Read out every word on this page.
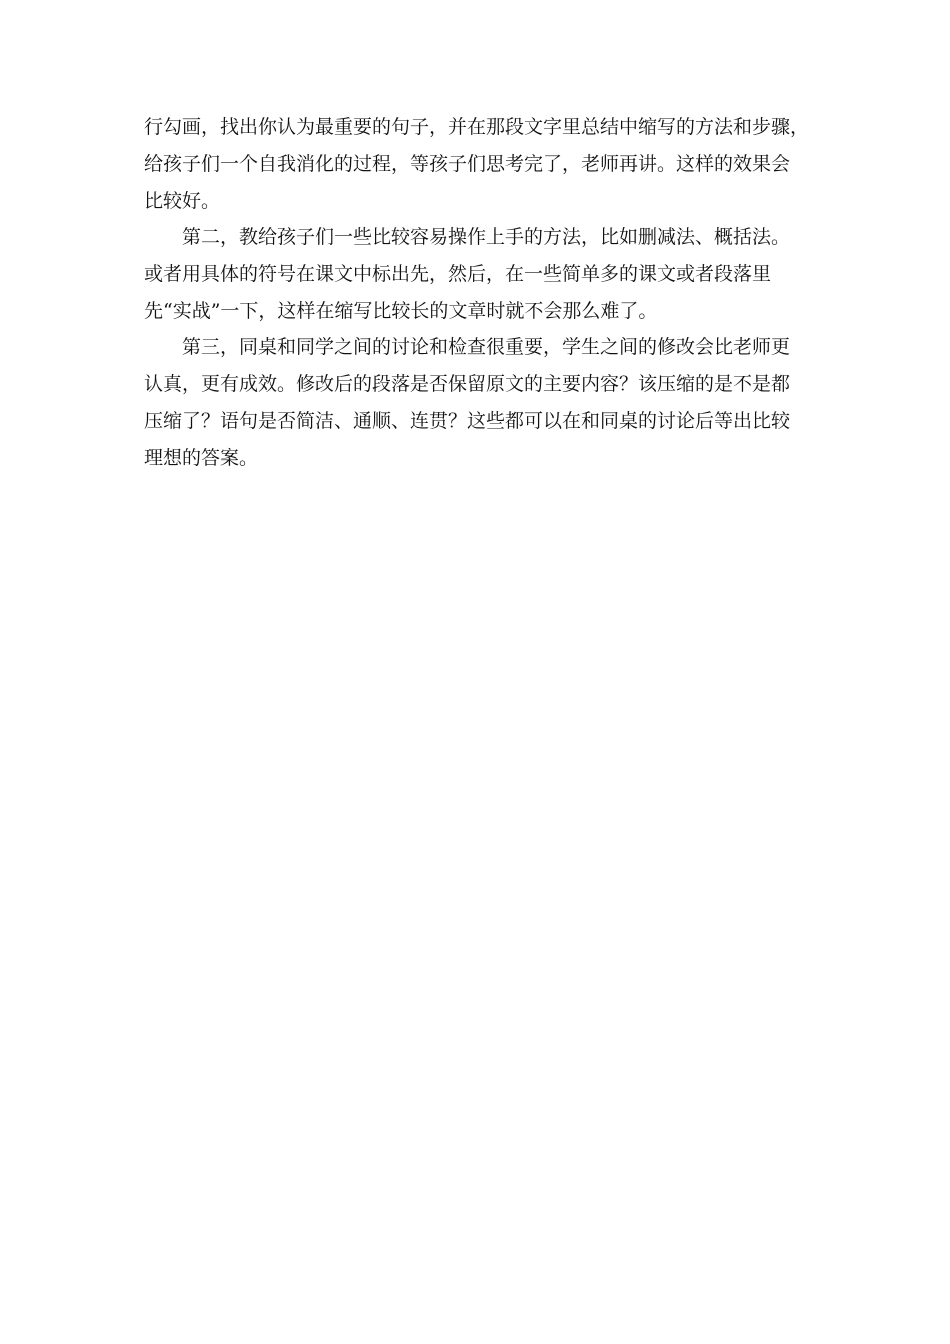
行勾画，找出你认为最重要的句子，并在那段文字里总结中缩写的方法和步骤，
给孩子们一个自我消化的过程，等孩子们思考完了，老师再讲。这样的效果会
比较好。
第二，教给孩子们一些比较容易操作上手的方法，比如删减法、概括法。
或者用具体的符号在课文中标出先，然后，在一些简单多的课文或者段落里
先“实战”一下，这样在缩写比较长的文章时就不会那么难了。
第三，同桌和同学之间的讨论和检查很重要，学生之间的修改会比老师更
认真，更有成效。修改后的段落是否保留原文的主要内容？该压缩的是不是都
压缩了？语句是否简洁、通顺、连贯？这些都可以在和同桌的讨论后等出比较
理想的答案。
